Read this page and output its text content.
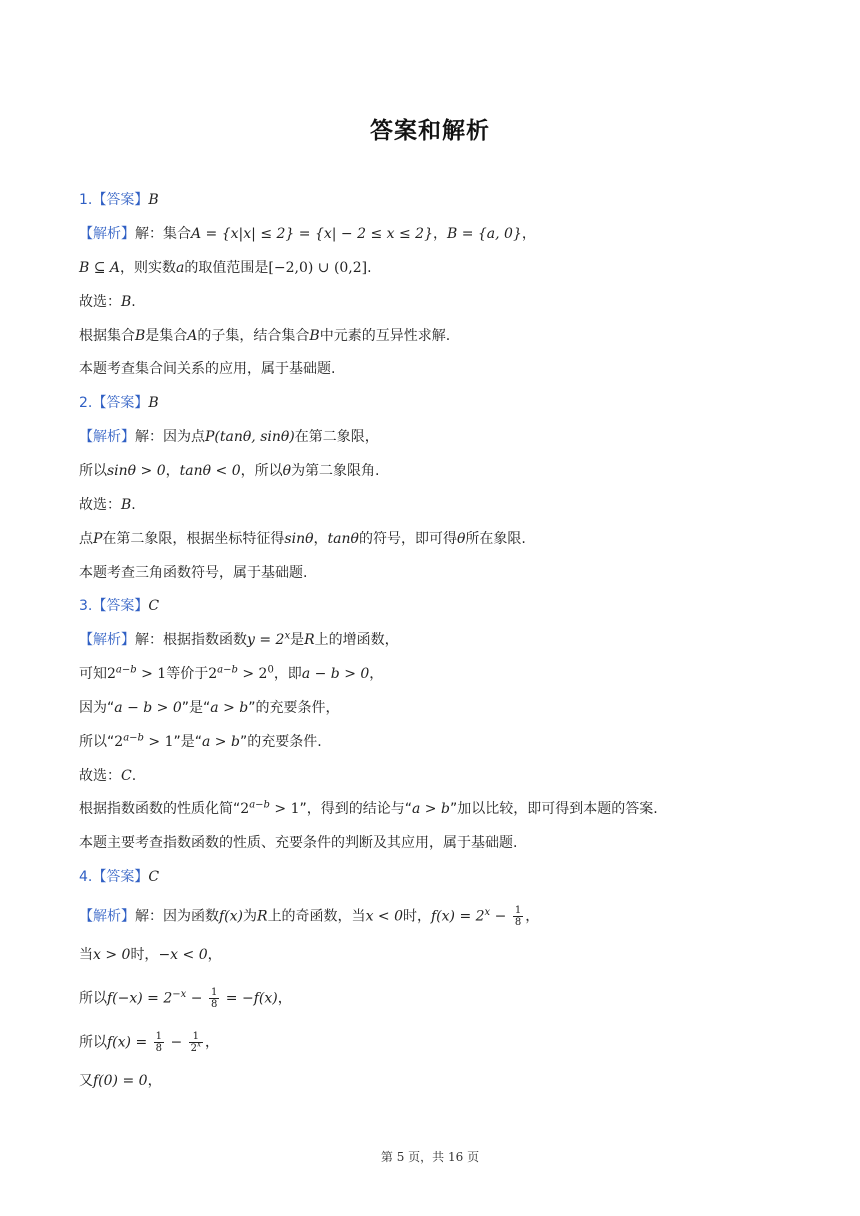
答案和解析
1.【答案】B
【解析】解：集合A = {x|x| ≤ 2} = {x| − 2 ≤ x ≤ 2}，B = {a, 0}，
B ⊆ A，则实数a的取值范围是[−2,0) ∪ (0,2].
故选：B.
根据集合B是集合A的子集，结合集合B中元素的互异性求解.
本题考查集合间关系的应用，属于基础题.
2.【答案】B
【解析】解：因为点P(tanθ, sinθ)在第二象限，
所以sinθ > 0，tanθ < 0，所以θ为第二象限角.
故选：B.
点P在第二象限，根据坐标特征得sinθ，tanθ的符号，即可得θ所在象限.
本题考查三角函数符号，属于基础题.
3.【答案】C
【解析】解：根据指数函数$y = 2^x$是R上的增函数，
可知$2^{a-b} > 1$等价于$2^{a-b} > 2^0$，即a − b > 0，
因为“a − b > 0”是“a > b”的充要条件，
所以“$2^{a-b} > 1$”是“a > b”的充要条件.
故选：C.
根据指数函数的性质化简“$2^{a-b} > 1$”，得到的结论与“a > b”加以比较，即可得到本题的答案.
本题主要考查指数函数的性质、充要条件的判断及其应用，属于基础题.
4.【答案】C
【解析】解：因为函数f(x)为R上的奇函数，当x < 0时，$f(x) = 2^x - \frac{1}{8}$ ，
当x > 0时，−x < 0，
所以$f(-x) = 2^{-x} - \frac{1}{8} = -f(x)$，
所以$f(x) = \frac{1}{8} - \frac{1}{2^x}$ ，
又f(0) = 0，
第 5 页，共 16 页
